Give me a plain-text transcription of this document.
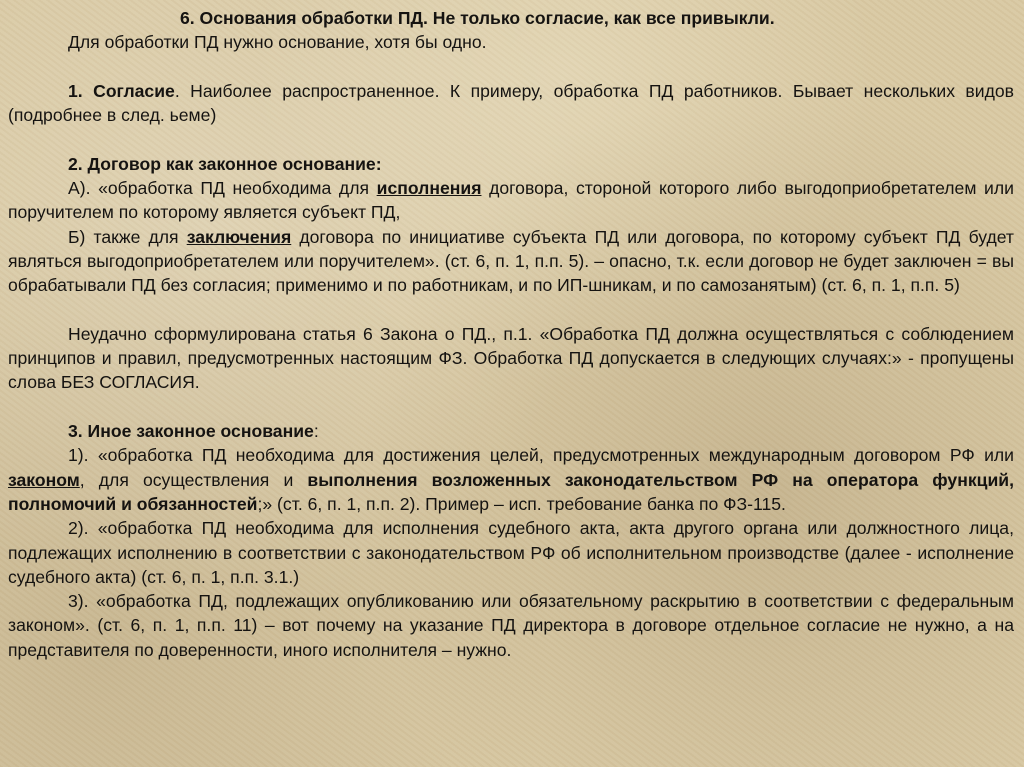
6. Основания обработки ПД. Не только согласие, как все привыкли.

Для обработки ПД нужно основание, хотя бы одно.

1. Согласие. Наиболее распространенное. К примеру, обработка ПД работников. Бывает нескольких видов (подробнее в след. ьеме)

2. Договор как законное основание:

А). «обработка ПД необходима для исполнения договора, стороной которого либо выгодоприобретателем или поручителем по которому является субъект ПД,

Б) также для заключения договора по инициативе субъекта ПД или договора, по которому субъект ПД будет являться выгодоприобретателем или поручителем». (ст. 6, п. 1, п.п. 5). – опасно, т.к. если договор не будет заключен = вы обрабатывали ПД без согласия; применимо и по работникам, и по ИП-шникам, и по самозанятым) (ст. 6, п. 1, п.п. 5)

Неудачно сформулирована статья 6 Закона о ПД., п.1. «Обработка ПД должна осуществляться с соблюдением принципов и правил, предусмотренных настоящим ФЗ. Обработка ПД допускается в следующих случаях:» - пропущены слова БЕЗ СОГЛАСИЯ.

3. Иное законное основание:

1). «обработка ПД необходима для достижения целей, предусмотренных международным договором РФ или законом, для осуществления и выполнения возложенных законодательством РФ на оператора функций, полномочий и обязанностей;» (ст. 6, п. 1, п.п. 2). Пример – исп. требование банка по ФЗ-115.

2). «обработка ПД необходима для исполнения судебного акта, акта другого органа или должностного лица, подлежащих исполнению в соответствии с законодательством РФ об исполнительном производстве (далее - исполнение судебного акта) (ст. 6, п. 1, п.п. 3.1.)

3). «обработка ПД, подлежащих опубликованию или обязательному раскрытию в соответствии с федеральным законом». (ст. 6, п. 1, п.п. 11) – вот почему на указание ПД директора в договоре отдельное согласие не нужно, а на представителя по доверенности, иного исполнителя – нужно.
